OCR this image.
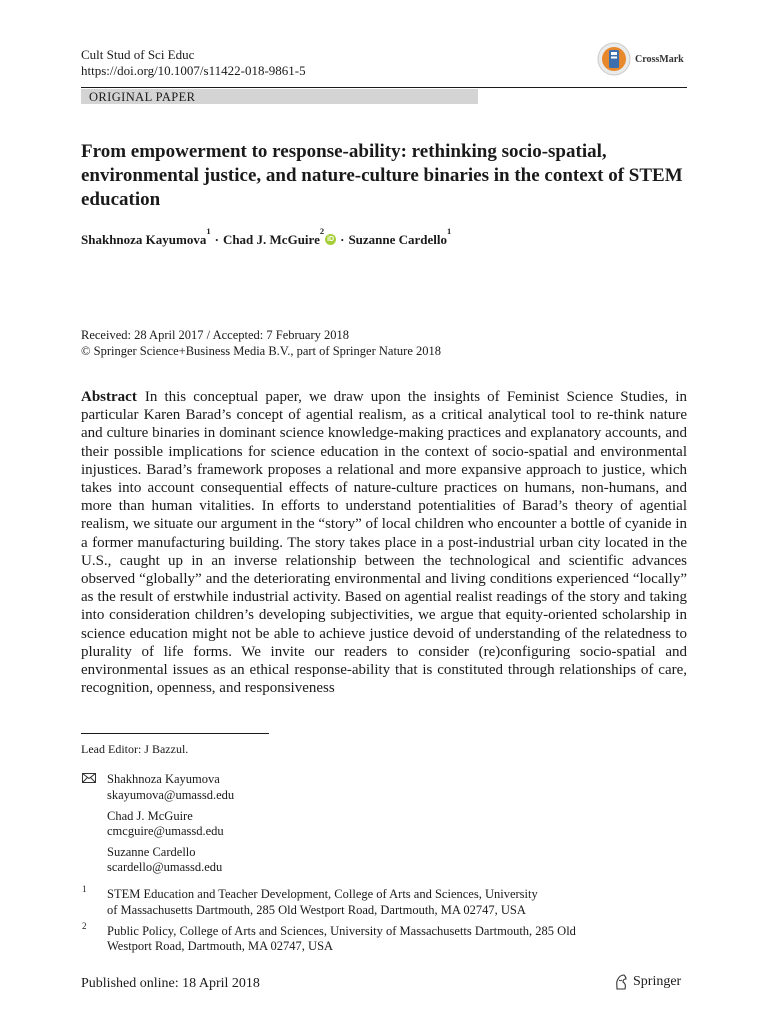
Cult Stud of Sci Educ
https://doi.org/10.1007/s11422-018-9861-5
CrossMark
ORIGINAL PAPER
From empowerment to response-ability: rethinking socio-spatial, environmental justice, and nature-culture binaries in the context of STEM education
Shakhnoza Kayumova
$^1$
· Chad J. McGuire
$^2$
iD · Suzanne Cardello
$^1$
Received: 28 April 2017 / Accepted: 7 February 2018
© Springer Science+Business Media B.V., part of Springer Nature 2018

Abstract In this conceptual paper, we draw upon the insights of Feminist Science Studies, in particular Karen Barad’s concept of agential realism, as a critical analytical tool to re-think nature and culture binaries in dominant science knowledge-making practices and explanatory accounts, and their possible implications for science education in the context of socio-spatial and environmental injustices. Barad’s framework proposes a relational and more expansive approach to justice, which takes into account consequential effects of nature-culture practices on humans, non-humans, and more than human vitalities. In efforts to understand potentialities of Barad’s theory of agential realism, we situate our argument in the “story” of local children who encounter a bottle of cyanide in a former manufacturing building. The story takes place in a post-industrial urban city located in the U.S., caught up in an inverse relationship between the technological and scientific advances observed “globally” and the deteriorating environmental and living conditions experienced “locally” as the result of erstwhile industrial activity. Based on agential realist readings of the story and taking into consideration children’s developing subjectivities, we argue that equity-oriented scholarship in science education might not be able to achieve justice devoid of understanding of the relatedness to plurality of life forms. We invite our readers to consider (re)configuring socio-spatial and environmental issues as an ethical response-ability that is constituted through relationships of care, recognition, openness, and responsiveness

Lead Editor: J Bazzul.
Shakhnoza Kayumova
skayumova@umassd.edu
Chad J. McGuire
cmcguire@umassd.edu
Suzanne Cardello
scardello@umassd.edu
1 STEM Education and Teacher Development, College of Arts and Sciences, University
of Massachusetts Dartmouth, 285 Old Westport Road, Dartmouth, MA 02747, USA
2 Public Policy, College of Arts and Sciences, University of Massachusetts Dartmouth, 285 Old
Westport Road, Dartmouth, MA 02747, USA
Published online: 18 April 2018	Springer
